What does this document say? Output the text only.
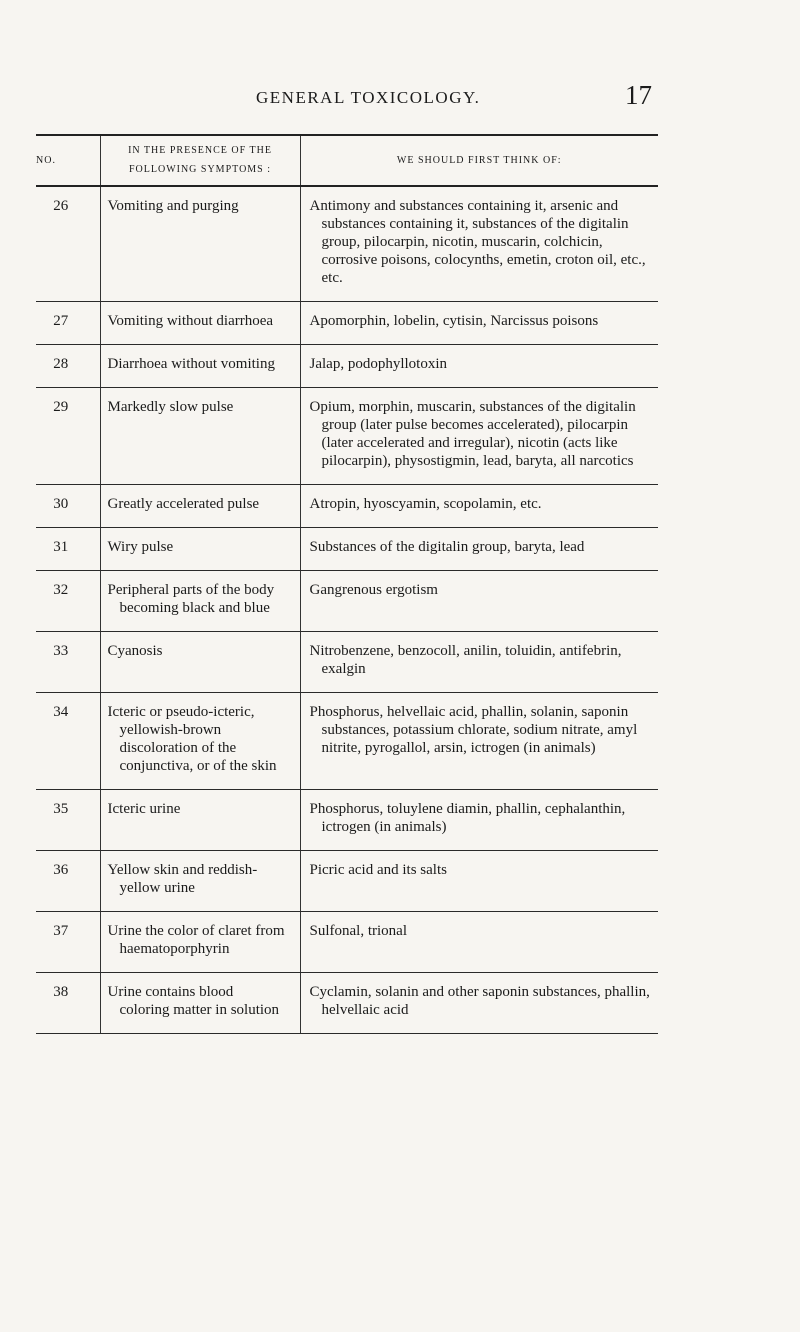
GENERAL TOXICOLOGY.	17
NO.	IN THE PRESENCE OF THE FOLLOWING SYMPTOMS :	WE SHOULD FIRST THINK OF:
26	Vomiting and purging	Antimony and substances containing it, arsenic and substances containing it, substances of the digitalin group, pilocarpin, nicotin, muscarin, colchicin, corrosive poisons, colocynths, emetin, croton oil, etc., etc.

27	Vomiting without diarrhoea	Apomorphin, lobelin, cytisin, Narcissus poisons

28	Diarrhoea without vomiting	Jalap, podophyllotoxin

29	Markedly slow pulse	Opium, morphin, muscarin, substances of the digitalin group (later pulse becomes accelerated), pilocarpin (later accelerated and irregular), nicotin (acts like pilocarpin), physostigmin, lead, baryta, all narcotics

30	Greatly accelerated pulse	Atropin, hyoscyamin, scopolamin, etc.

31	Wiry pulse	Substances of the digitalin group, baryta, lead

32	Peripheral parts of the body becoming black and blue	Gangrenous ergotism

33	Cyanosis	Nitrobenzene, benzocoll, anilin, toluidin, antifebrin, exalgin

34	Icteric or pseudo-icteric, yellowish-brown discoloration of the conjunctiva, or of the skin	Phosphorus, helvellaic acid, phallin, solanin, saponin substances, potassium chlorate, sodium nitrate, amyl nitrite, pyrogallol, arsin, ictrogen (in animals)

35	Icteric urine	Phosphorus, toluylene diamin, phallin, cephalanthin, ictrogen (in animals)

36	Yellow skin and reddish-yellow urine	Picric acid and its salts

37	Urine the color of claret from haematoporphyrin	Sulfonal, trional

38	Urine contains blood coloring matter in solution	Cyclamin, solanin and other saponin substances, phallin, helvellaic acid
